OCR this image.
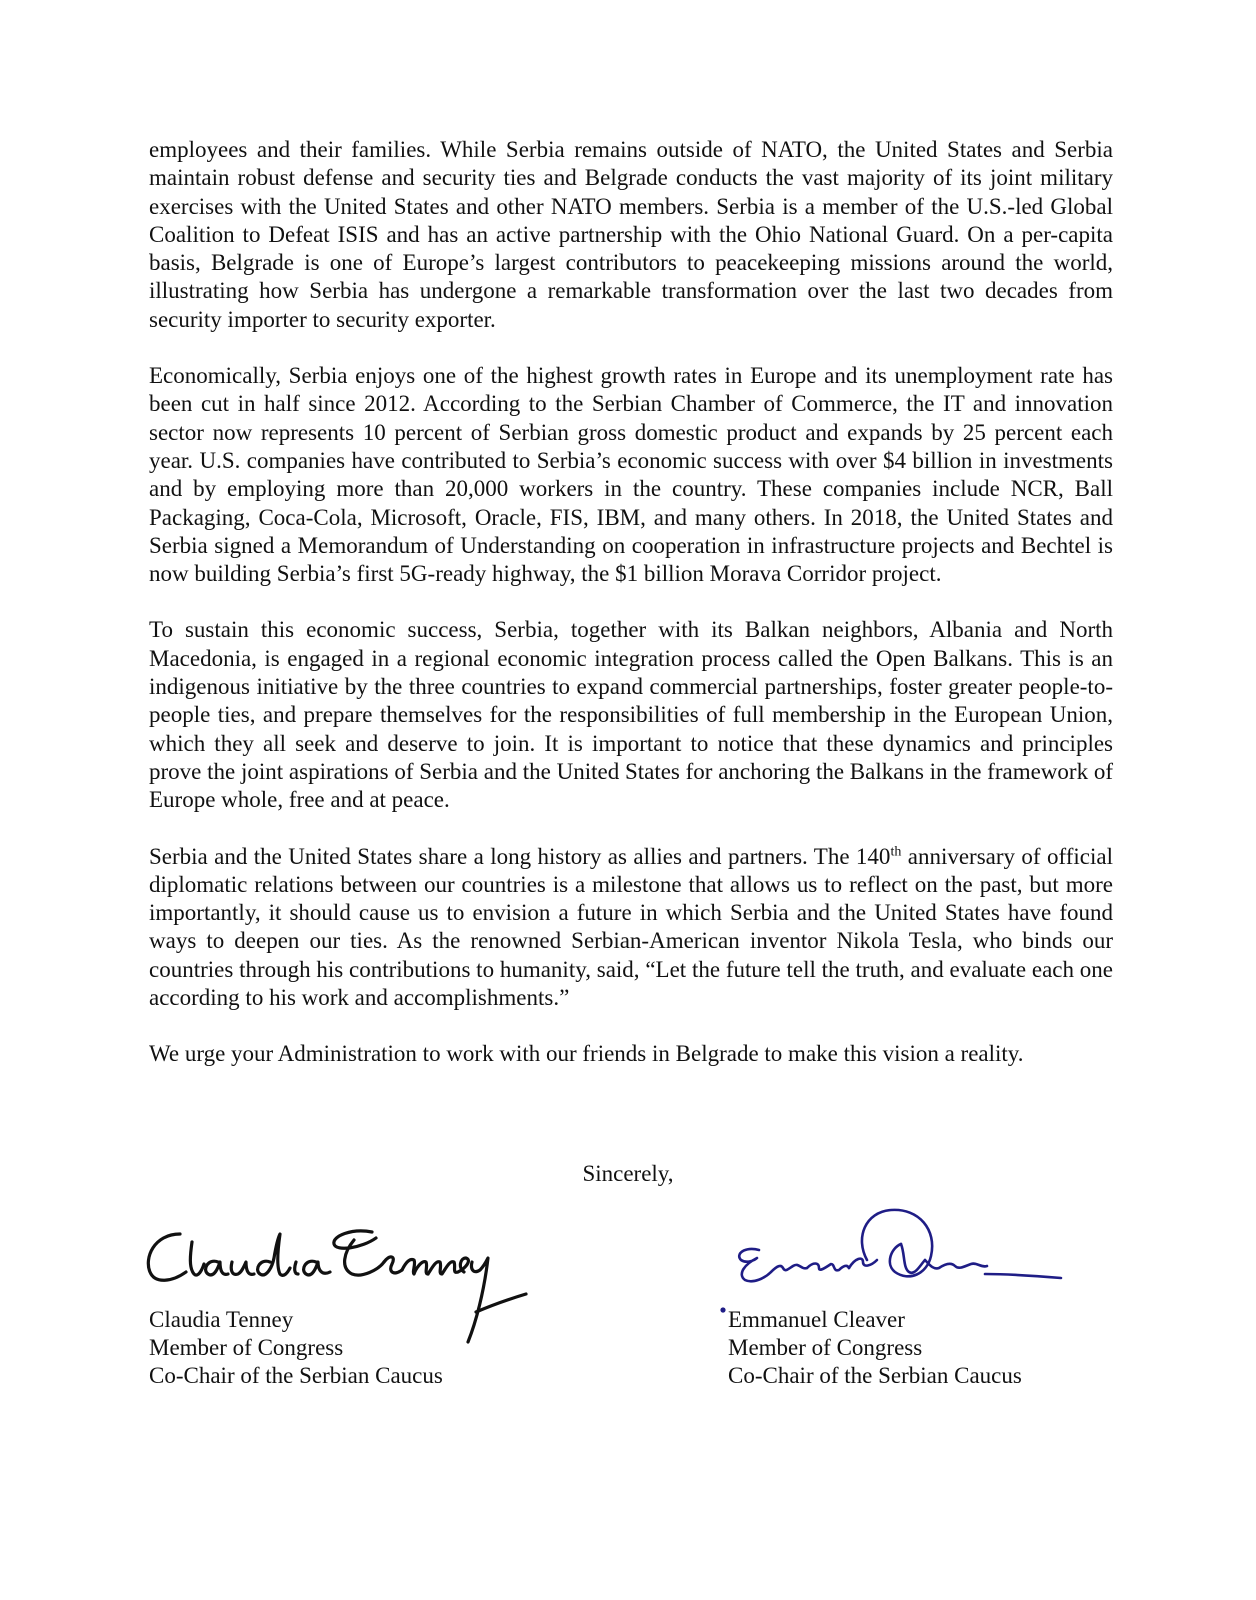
employees and their families. While Serbia remains outside of NATO, the United States and Serbia maintain robust defense and security ties and Belgrade conducts the vast majority of its joint military exercises with the United States and other NATO members. Serbia is a member of the U.S.-led Global Coalition to Defeat ISIS and has an active partnership with the Ohio National Guard. On a per-capita basis, Belgrade is one of Europe’s largest contributors to peacekeeping missions around the world, illustrating how Serbia has undergone a remarkable transformation over the last two decades from security importer to security exporter.

Economically, Serbia enjoys one of the highest growth rates in Europe and its unemployment rate has been cut in half since 2012. According to the Serbian Chamber of Commerce, the IT and innovation sector now represents 10 percent of Serbian gross domestic product and expands by 25 percent each year. U.S. companies have contributed to Serbia’s economic success with over $4 billion in investments and by employing more than 20,000 workers in the country. These companies include NCR, Ball Packaging, Coca-Cola, Microsoft, Oracle, FIS, IBM, and many others. In 2018, the United States and Serbia signed a Memorandum of Understanding on cooperation in infrastructure projects and Bechtel is now building Serbia’s first 5G-ready highway, the $1 billion Morava Corridor project.

To sustain this economic success, Serbia, together with its Balkan neighbors, Albania and North Macedonia, is engaged in a regional economic integration process called the Open Balkans. This is an indigenous initiative by the three countries to expand commercial partnerships, foster greater people-to-people ties, and prepare themselves for the responsibilities of full membership in the European Union, which they all seek and deserve to join. It is important to notice that these dynamics and principles prove the joint aspirations of Serbia and the United States for anchoring the Balkans in the framework of Europe whole, free and at peace.

Serbia and the United States share a long history as allies and partners. The 140th anniversary of official diplomatic relations between our countries is a milestone that allows us to reflect on the past, but more importantly, it should cause us to envision a future in which Serbia and the United States have found ways to deepen our ties. As the renowned Serbian-American inventor Nikola Tesla, who binds our countries through his contributions to humanity, said, “Let the future tell the truth, and evaluate each one according to his work and accomplishments.”

We urge your Administration to work with our friends in Belgrade to make this vision a reality.

Sincerely,
Claudia Tenney
Member of Congress
Co-Chair of the Serbian Caucus
Emmanuel Cleaver
Member of Congress
Co-Chair of the Serbian Caucus
